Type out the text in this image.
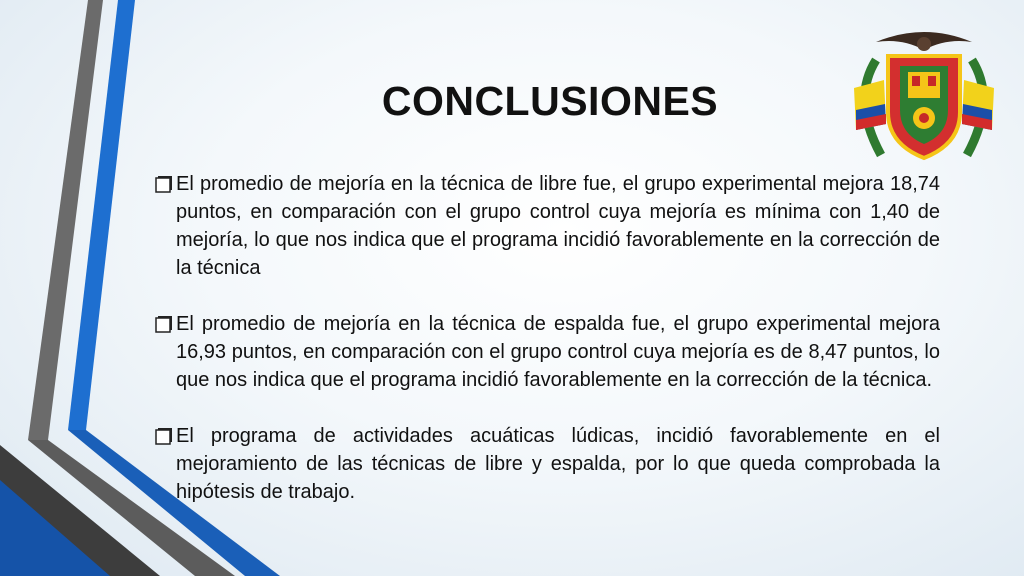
CONCLUSIONES
El promedio de mejoría en la técnica de libre fue, el grupo experimental mejora 18,74 puntos, en comparación con el grupo control cuya mejoría es mínima con 1,40 de mejoría, lo que nos indica que el programa incidió favorablemente en la corrección de la técnica
El promedio de mejoría en la técnica de espalda fue, el grupo experimental mejora 16,93 puntos, en comparación con el grupo control cuya mejoría es de 8,47 puntos, lo que nos indica que el programa incidió favorablemente en la corrección de la técnica.
El programa de actividades acuáticas lúdicas, incidió favorablemente en el mejoramiento de las técnicas de libre y espalda, por lo que queda comprobada la hipótesis de trabajo.
